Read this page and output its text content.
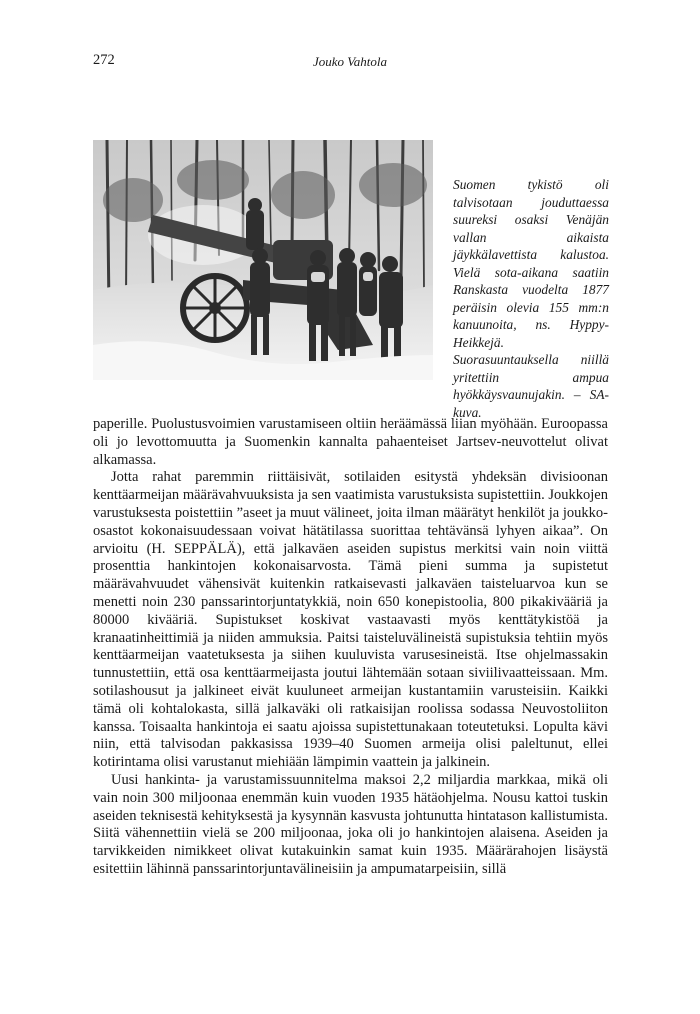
272	Jouko Vahtola
Suomen tykistö oli talvisotaan jouduttaessa suureksi osaksi Venäjän vallan aikaista jäykkälavettista kalustoa. Vielä sota-aikana saatiin Ranskasta vuodelta 1877 peräisin olevia 155 mm:n kanuunoita, ns. Hyppy-Heikkejä. Suorasuuntauksella niillä yritettiin ampua hyökkäysvaunujakin. – SA-kuva.

paperille. Puolustusvoimien varustamiseen oltiin heräämässä liian myöhään. Euroopassa oli jo levottomuutta ja Suomenkin kannalta pahaenteiset Jartsev-neuvottelut olivat alkamassa.

Jotta rahat paremmin riittäisivät, sotilaiden esitystä yhdeksän divisioonan kenttäarmeijan määrävahvuuksista ja sen vaatimista varustuksista supistettiin. Joukkojen varustuksesta poistettiin ”aseet ja muut välineet, joita ilman määrätyt henkilöt ja joukko-osastot kokonaisuudessaan voivat hätätilassa suorittaa tehtävänsä lyhyen aikaa”. On arvioitu (H. SEPPÄLÄ), että jalkaväen aseiden supistus merkitsi vain noin viittä prosenttia hankintojen kokonaisarvosta. Tämä pieni summa ja supistetut määrävahvuudet vähensivät kuitenkin ratkaisevasti jalkaväen taisteluarvoa kun se menetti noin 230 panssarintorjuntatykkiä, noin 650 konepistoolia, 800 pikakivääriä ja 80000 kivääriä. Supistukset koskivat vastaavasti myös kenttätykistöä ja kranaatinheittimiä ja niiden ammuksia. Paitsi taisteluvälineistä supistuksia tehtiin myös kenttäarmeijan vaatetuksesta ja siihen kuuluvista varusesineistä. Itse ohjelmassakin tunnustettiin, että osa kenttäarmeijasta joutui lähtemään sotaan siviilivaatteissaan. Mm. sotilashousut ja jalkineet eivät kuuluneet armeijan kustantamiin varusteisiin. Kaikki tämä oli kohtalokasta, sillä jalkaväki oli ratkaisijan roolissa sodassa Neuvostoliiton kanssa. Toisaalta hankintoja ei saatu ajoissa supistettunakaan toteutetuksi. Lopulta kävi niin, että talvisodan pakkasissa 1939–40 Suomen armeija olisi paleltunut, ellei kotirintama olisi varustanut miehiään lämpimin vaattein ja jalkinein.

Uusi hankinta- ja varustamissuunnitelma maksoi 2,2 miljardia markkaa, mikä oli vain noin 300 miljoonaa enemmän kuin vuoden 1935 hätäohjelma. Nousu kattoi tuskin aseiden teknisestä kehityksestä ja kysynnän kasvusta johtunutta hintatason kallistumista. Siitä vähennettiin vielä se 200 miljoonaa, joka oli jo hankintojen alaisena. Aseiden ja tarvikkeiden nimikkeet olivat kutakuinkin samat kuin 1935. Määrärahojen lisäystä esitettiin lähinnä panssarintorjuntavälineisiin ja ampumatarpeisiin, sillä
